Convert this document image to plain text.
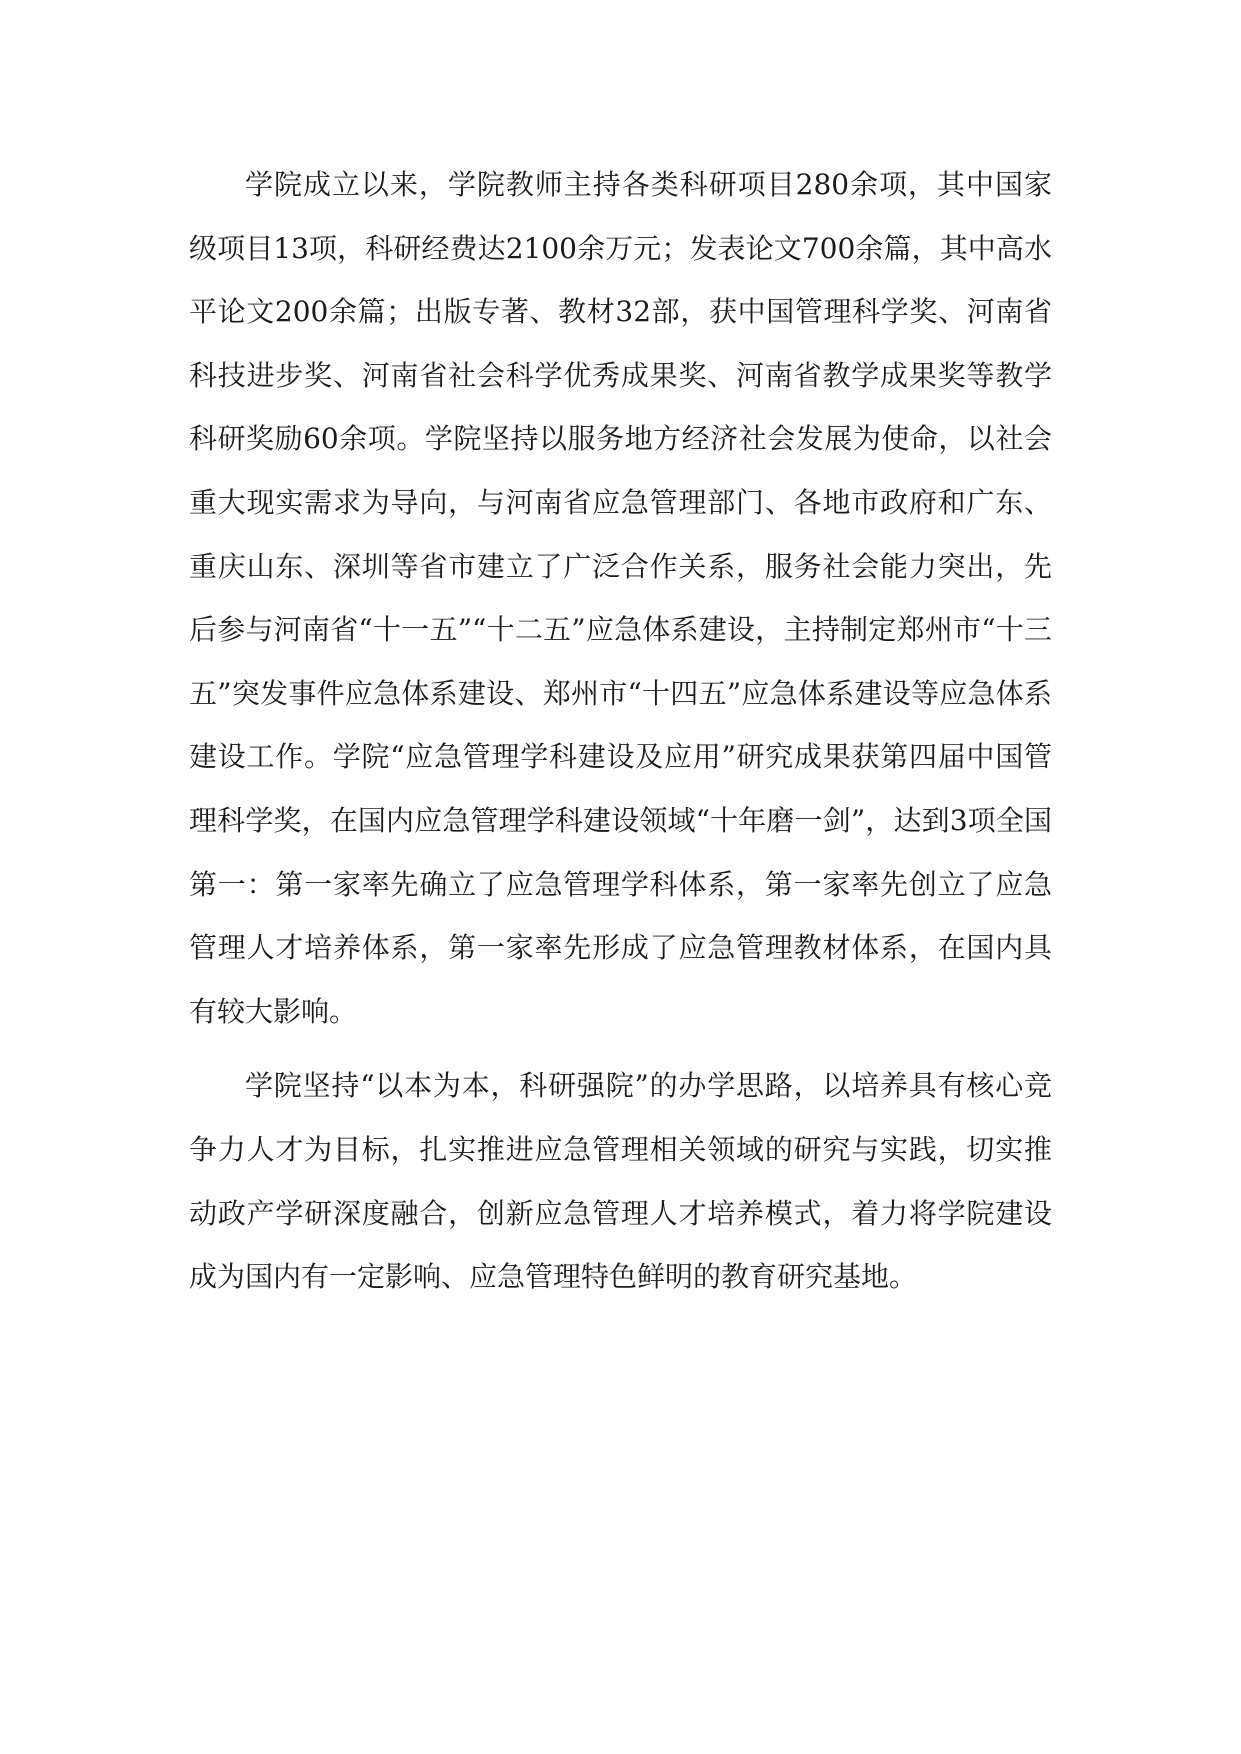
学院成立以来，学院教师主持各类科研项目280余项，其中国家级项目13项，科研经费达2100余万元；发表论文700余篇，其中高水平论文200余篇；出版专著、教材32部，获中国管理科学奖、河南省科技进步奖、河南省社会科学优秀成果奖、河南省教学成果奖等教学科研奖励60余项。学院坚持以服务地方经济社会发展为使命，以社会重大现实需求为导向，与河南省应急管理部门、各地市政府和广东、重庆山东、深圳等省市建立了广泛合作关系，服务社会能力突出，先后参与河南省“十一五”“十二五”应急体系建设，主持制定郑州市“十三五”突发事件应急体系建设、郑州市“十四五”应急体系建设等应急体系建设工作。学院“应急管理学科建设及应用”研究成果获第四届中国管理科学奖，在国内应急管理学科建设领域“十年磨一剑”，达到3项全国第一：第一家率先确立了应急管理学科体系，第一家率先创立了应急管理人才培养体系，第一家率先形成了应急管理教材体系，在国内具有较大影响。

学院坚持“以本为本，科研强院”的办学思路，以培养具有核心竞争力人才为目标，扎实推进应急管理相关领域的研究与实践，切实推动政产学研深度融合，创新应急管理人才培养模式，着力将学院建设成为国内有一定影响、应急管理特色鲜明的教育研究基地。
